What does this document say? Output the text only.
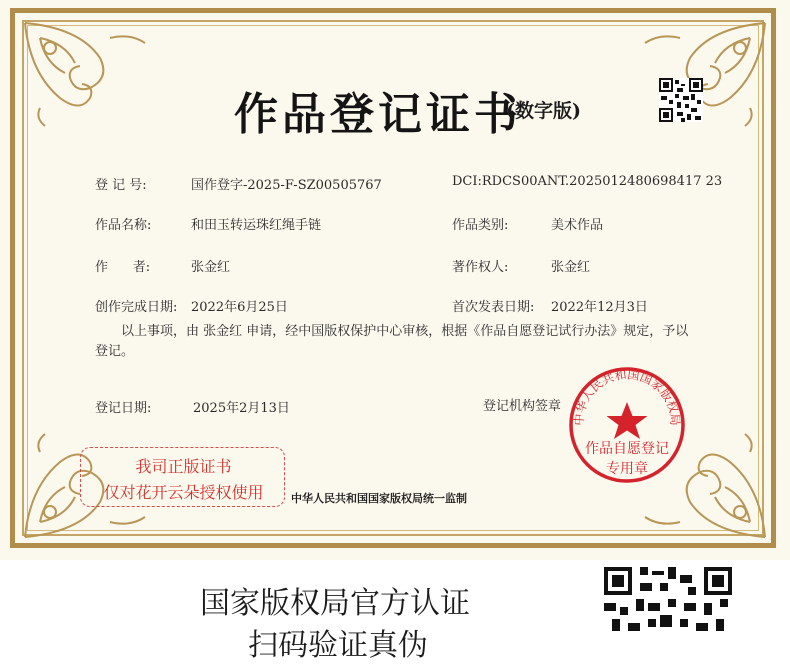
作品登记证书
(数字版)
登 记 号:	国作登字-2025-F-SZ00505767	DCI:RDCS00ANT.2025012480698417 23
作品名称:	和田玉转运珠红绳手链	作品类别:	美术作品
作      者:	张金红	著作权人:	张金红
创作完成日期: 2022年6月25日	首次发表日期: 2022年12月3日
以上事项，由 张金红 申请，经中国版权保护中心审核，根据《作品自愿登记试行办法》规定，予以登记。
登记日期:	2025年2月13日	登记机构签章
中华人民共和国国家版权局
作品自愿登记
专用章
我司正版证书
仅对花开云朵授权使用	中华人民共和国国家版权局统一监制
国家版权局官方认证
扫码验证真伪
